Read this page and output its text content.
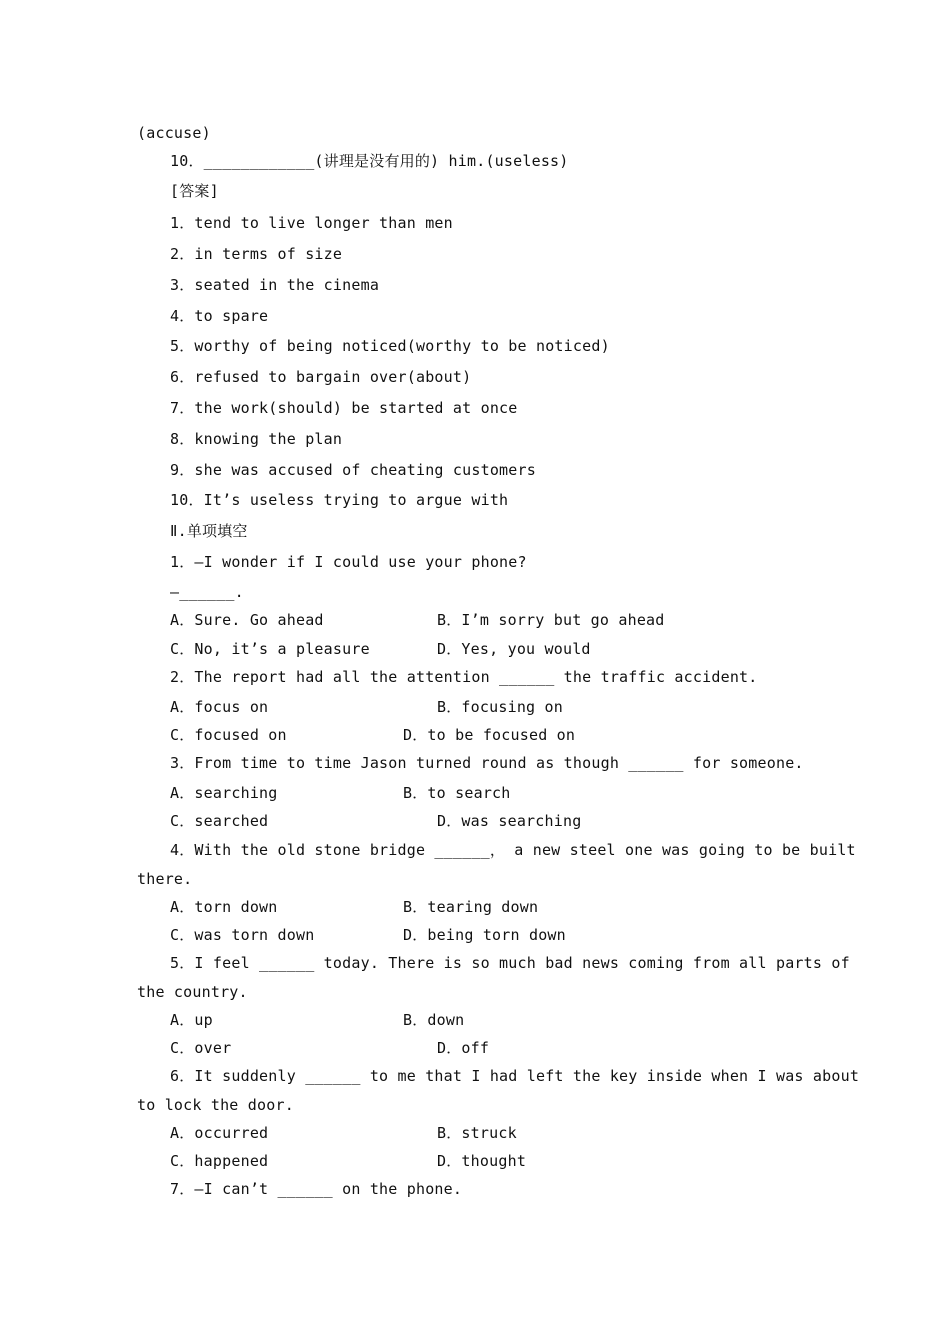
(accuse)
10．____________(讲理是没有用的) him.(useless)
[答案]
1．tend to live longer than men
2．in terms of size
3．seated in the cinema
4．to spare
5．worthy of being noticed(worthy to be noticed)
6．refused to bargain over(about)
7．the work(should) be started at once
8．knowing the plan
9．she was accused of cheating customers
10．It’s useless trying to argue with
Ⅱ.单项填空
1．—I wonder if I could use your phone?
—______.
A．Sure. Go ahead	B．I’m sorry but go ahead
C．No, it’s a pleasure	D．Yes, you would
2．The report had all the attention ______ the traffic accident.
A．focus on	B．focusing on
C．focused on	D．to be focused on
3．From time to time Jason turned round as though ______ for someone.
A．searching	B．to search
C．searched	D．was searching
4．With the old stone bridge ______， a new steel one was going to be built
there.
A．torn down	B．tearing down
C．was torn down	D．being torn down
5．I feel ______ today. There is so much bad news coming from all parts of
the country.
A．up	B．down
C．over	D．off
6．It suddenly ______ to me that I had left the key inside when I was about
to lock the door.
A．occurred	B．struck
C．happened	D．thought
7．—I can’t ______ on the phone.
